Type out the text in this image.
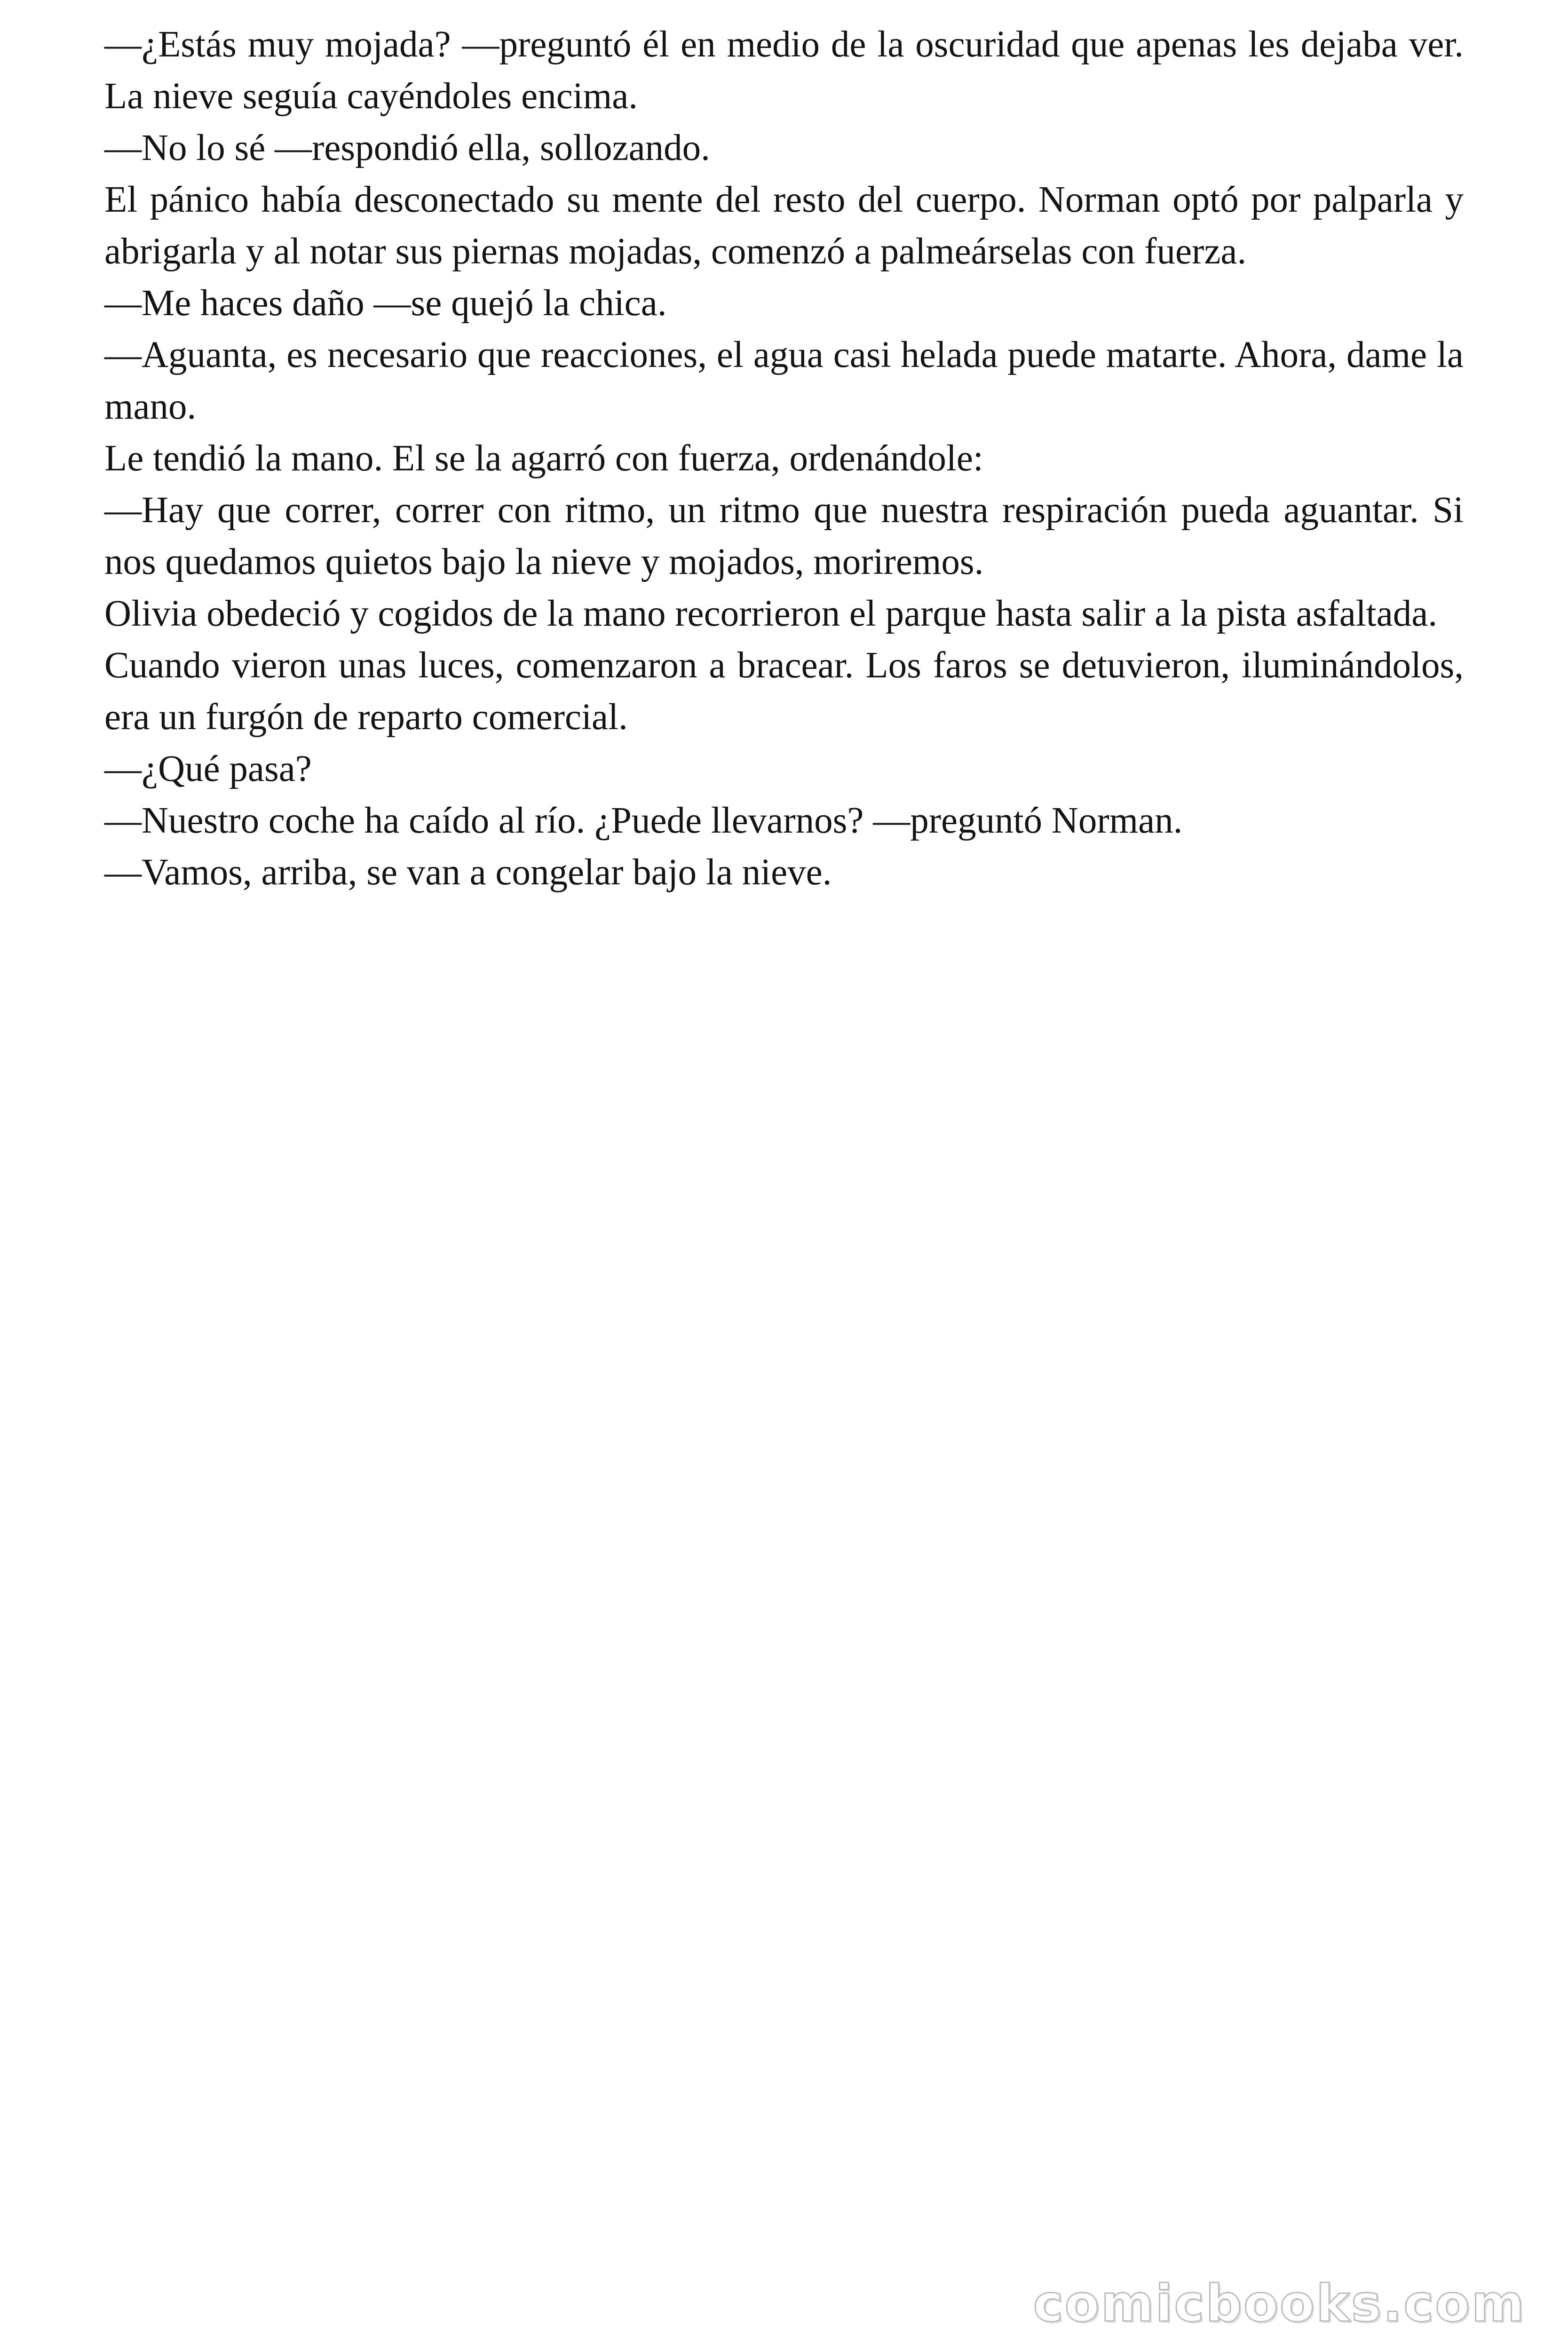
—¿Estás muy mojada? —preguntó él en medio de la oscuridad que apenas les dejaba ver. La nieve seguía cayéndoles encima.

—No lo sé —respondió ella, sollozando.

El pánico había desconectado su mente del resto del cuerpo. Norman optó por palparla y abrigarla y al notar sus piernas mojadas, comenzó a palmeárselas con fuerza.

—Me haces daño —se quejó la chica.

—Aguanta, es necesario que reacciones, el agua casi helada puede matarte. Ahora, dame la mano.

Le tendió la mano. El se la agarró con fuerza, ordenándole:

—Hay que correr, correr con ritmo, un ritmo que nuestra respiración pueda aguantar. Si nos quedamos quietos bajo la nieve y mojados, moriremos.

Olivia obedeció y cogidos de la mano recorrieron el parque hasta salir a la pista asfaltada.

Cuando vieron unas luces, comenzaron a bracear. Los faros se detuvieron, iluminándolos, era un furgón de reparto comercial.

—¿Qué pasa?

—Nuestro coche ha caído al río. ¿Puede llevarnos? —preguntó Norman.

—Vamos, arriba, se van a congelar bajo la nieve.

comicbooks.com
